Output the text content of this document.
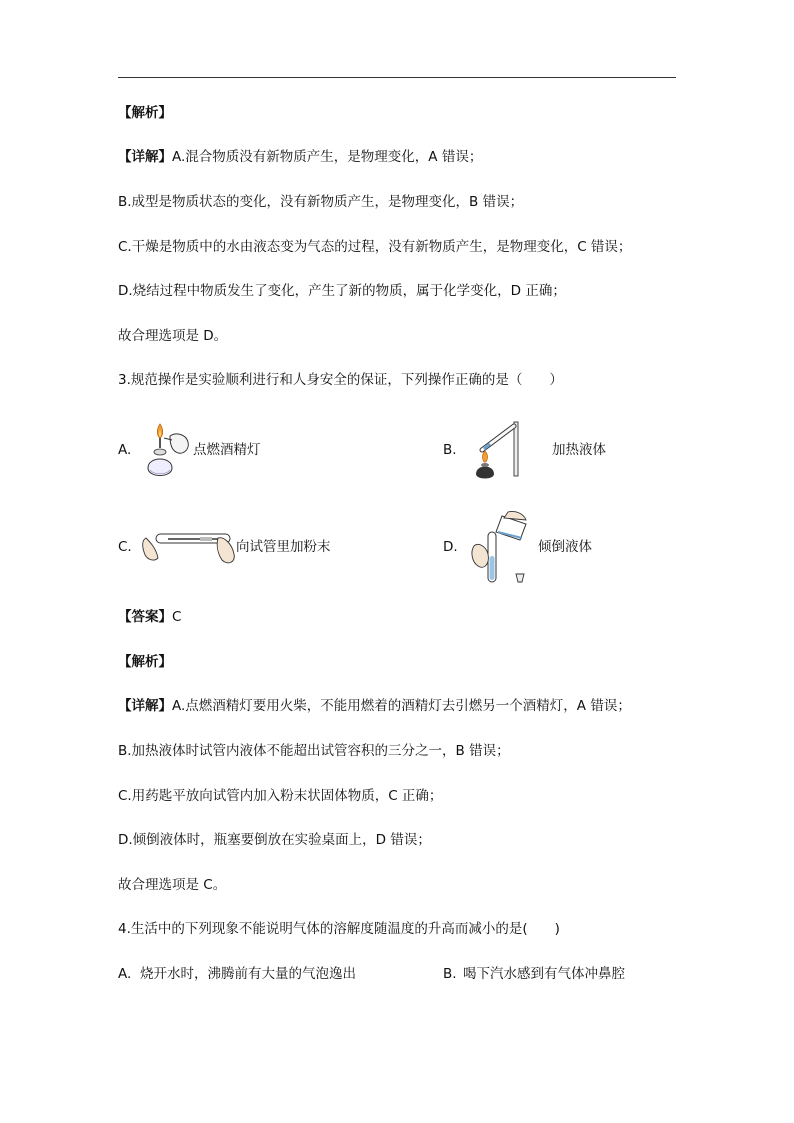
【解析】
【详解】A.混合物质没有新物质产生，是物理变化，A 错误；
B.成型是物质状态的变化，没有新物质产生，是物理变化，B 错误；
C.干燥是物质中的水由液态变为气态的过程，没有新物质产生，是物理变化，C 错误；
D.烧结过程中物质发生了变化，产生了新的物质，属于化学变化，D 正确；
故合理选项是 D。
3.规范操作是实验顺利进行和人身安全的保证，下列操作正确的是（　　）
A.	点燃酒精灯	B.	加热液体
C.	向试管里加粉末	D.	倾倒液体
【答案】C
【解析】
【详解】A.点燃酒精灯要用火柴，不能用燃着的酒精灯去引燃另一个酒精灯，A 错误；
B.加热液体时试管内液体不能超出试管容积的三分之一，B 错误；
C.用药匙平放向试管内加入粉末状固体物质，C 正确；
D.倾倒液体时，瓶塞要倒放在实验桌面上，D 错误；
故合理选项是 C。
4.生活中的下列现象不能说明气体的溶解度随温度的升高而减小的是(　　)
A. 烧开水时，沸腾前有大量的气泡逸出	B. 喝下汽水感到有气体冲鼻腔
